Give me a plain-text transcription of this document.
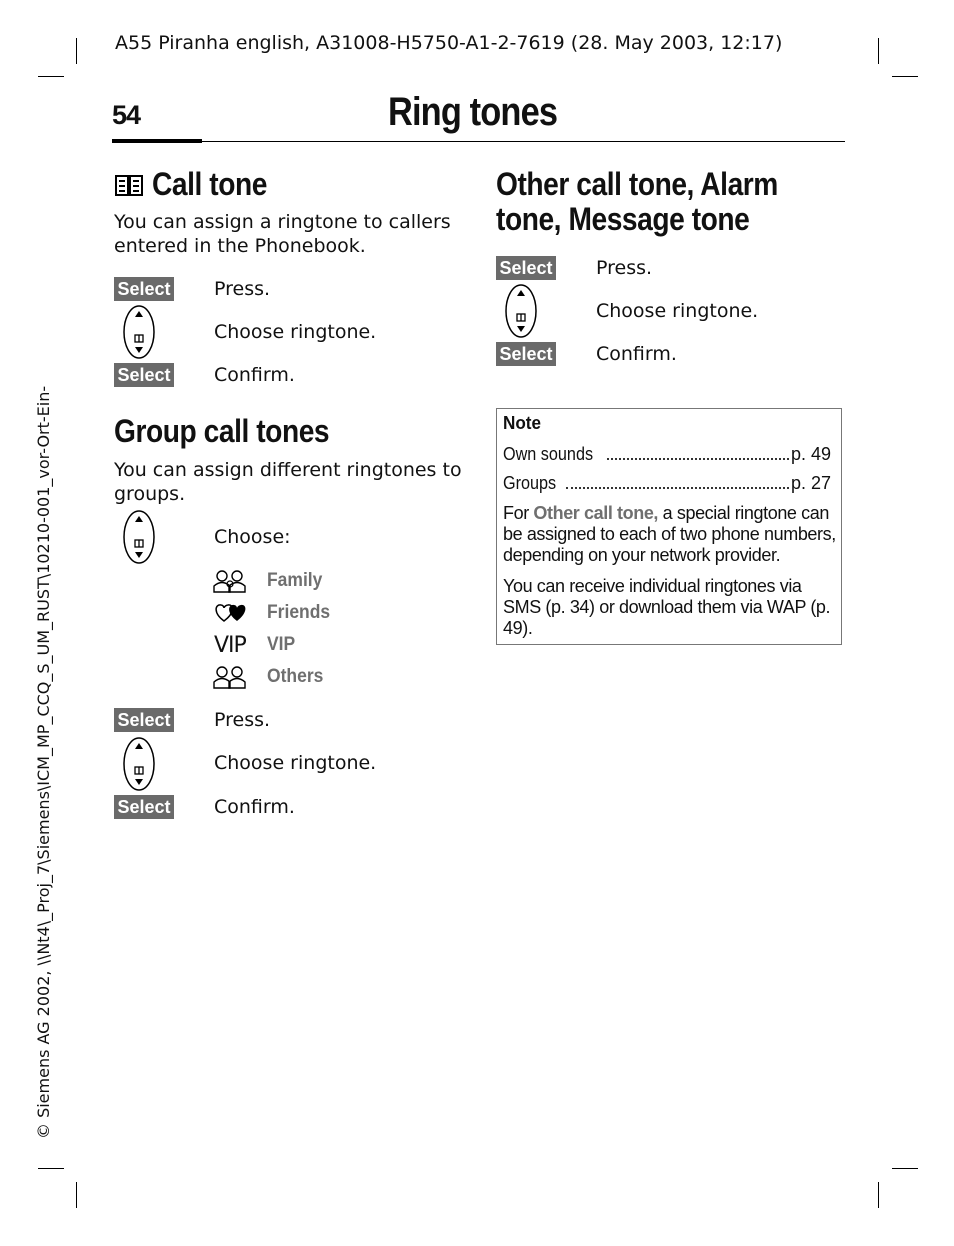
A55 Piranha english, A31008-H5750-A1-2-7619 (28. May 2003, 12:17)
54	Ring tones
© Siemens AG 2002, \\Nt4\_Proj_7\Siemens\ICM_MP_CCQ_S_UM_RUST\10210-001_vor-Ort-Ein-
Call tone
You can assign a ringtone to callers entered in the Phonebook.
Select Press.
Choose ringtone.
Select Confirm.
Group call tones
You can assign different ringtones to groups.
Choose:
Family
Friends
VIP VIP
Others
Select Press.
Choose ringtone.
Select Confirm.
Other call tone, Alarm
tone, Message tone
Select Press.
Choose ringtone.
Select Confirm.
Note
Own sounds	p. 49
Groups	p. 27
For Other call tone, a special ringtone can be assigned to each of two phone numbers, depending on your network provider.
You can receive individual ringtones via SMS (p. 34) or download them via WAP (p. 49).
